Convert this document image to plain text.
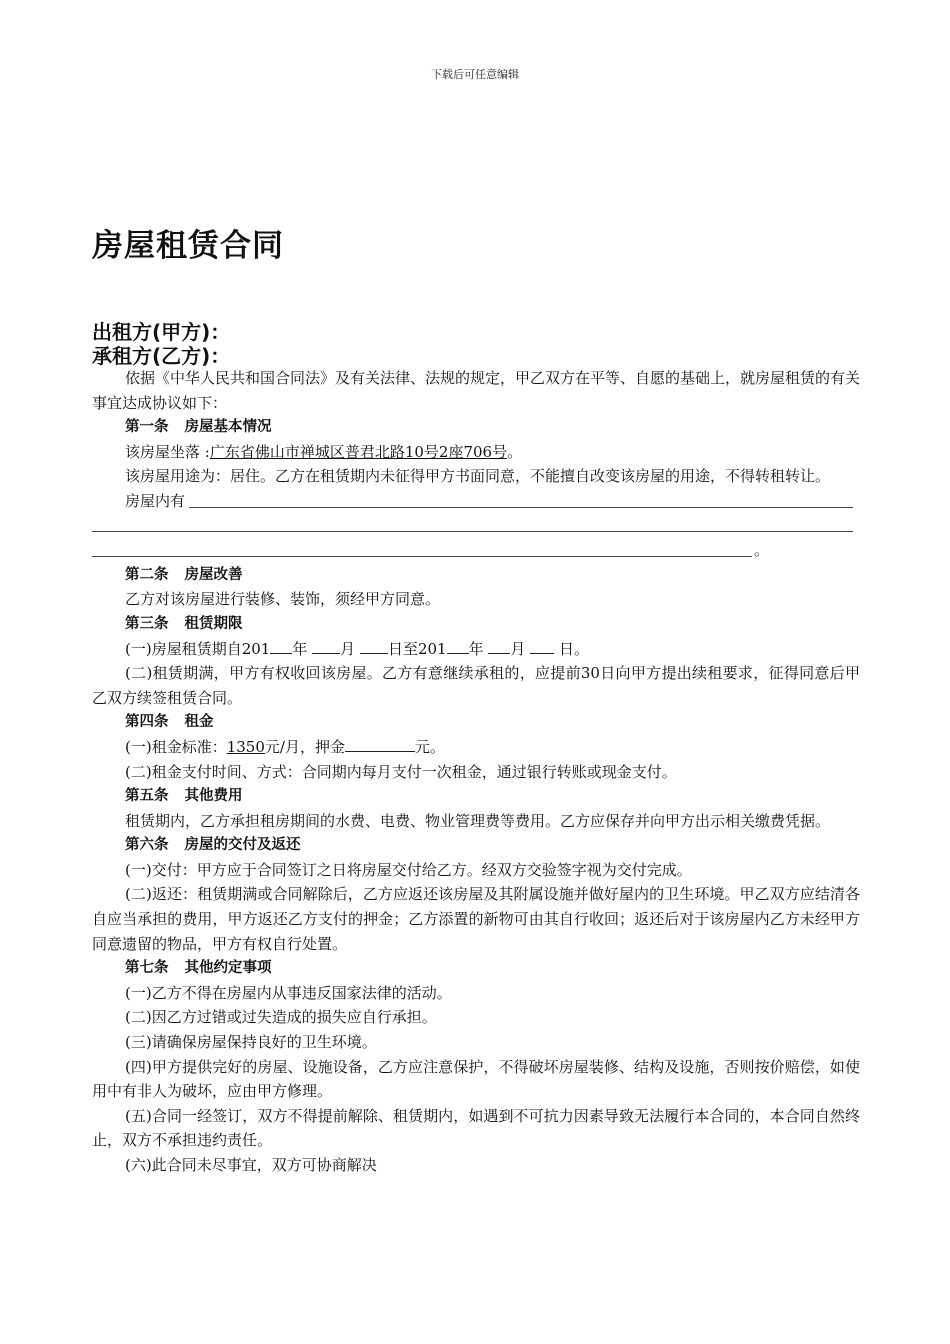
下载后可任意编辑
房屋租赁合同
出租方(甲方)：
承租方(乙方)：

依据《中华人民共和国合同法》及有关法律、法规的规定，甲乙双方在平等、自愿的基础上，就房屋租赁的有关事宜达成协议如下：

第一条 房屋基本情况

该房屋坐落 :广东省佛山市禅城区普君北路10号2座706号。

该房屋用途为：居住。乙方在租赁期内未征得甲方书面同意，不能擅自改变该房屋的用途，不得转租转让。

房屋内有
。

第二条 房屋改善

乙方对该房屋进行装修、装饰，须经甲方同意。

第三条 租赁期限

(一)房屋租赁期自201 年 月 日至201 年 月 日。

(二)租赁期满，甲方有权收回该房屋。乙方有意继续承租的，应提前30日向甲方提出续租要求，征得同意后甲乙双方续签租赁合同。

第四条 租金

(一)租金标准：1350元/月，押金	元。

(二)租金支付时间、方式：合同期内每月支付一次租金，通过银行转账或现金支付。

第五条 其他费用

租赁期内，乙方承担租房期间的水费、电费、物业管理费等费用。乙方应保存并向甲方出示相关缴费凭据。

第六条 房屋的交付及返还

(一)交付：甲方应于合同签订之日将房屋交付给乙方。经双方交验签字视为交付完成。

(二)返还：租赁期满或合同解除后，乙方应返还该房屋及其附属设施并做好屋内的卫生环境。甲乙双方应结清各自应当承担的费用，甲方返还乙方支付的押金；乙方添置的新物可由其自行收回；返还后对于该房屋内乙方未经甲方同意遗留的物品，甲方有权自行处置。

第七条 其他约定事项

(一)乙方不得在房屋内从事违反国家法律的活动。

(二)因乙方过错或过失造成的损失应自行承担。

(三)请确保房屋保持良好的卫生环境。

(四)甲方提供完好的房屋、设施设备，乙方应注意保护，不得破坏房屋装修、结构及设施，否则按价赔偿，如使用中有非人为破坏，应由甲方修理。

(五)合同一经签订，双方不得提前解除、租赁期内，如遇到不可抗力因素导致无法履行本合同的，本合同自然终止，双方不承担违约责任。

(六)此合同未尽事宜，双方可协商解决
